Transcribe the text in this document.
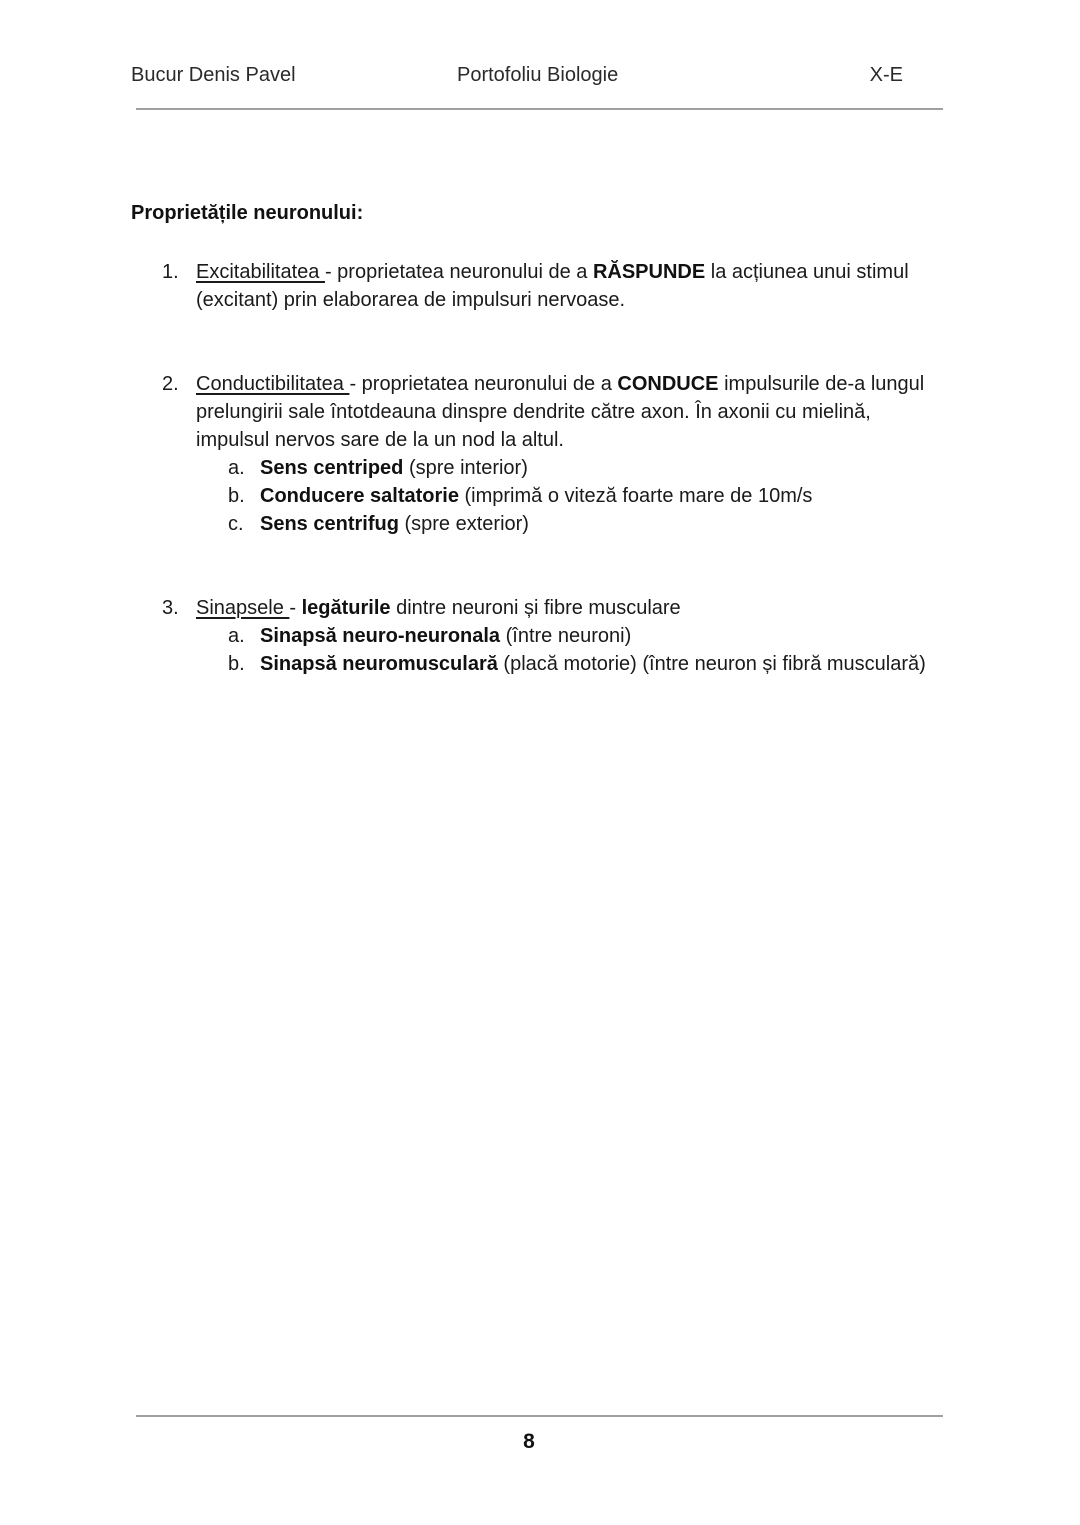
Bucur Denis Pavel	Portofoliu Biologie	X-E
Proprietățile neuronului:
1. Excitabilitatea - proprietatea neuronului de a RĂSPUNDE la acțiunea unui stimul (excitant) prin elaborarea de impulsuri nervoase.
2. Conductibilitatea - proprietatea neuronului de a CONDUCE impulsurile de-a lungul prelungirii sale întotdeauna dinspre dendrite către axon. În axonii cu mielină, impulsul nervos sare de la un nod la altul.
a. Sens centriped (spre interior)
b. Conducere saltatorie (imprimă o viteză foarte mare de 10m/s
c. Sens centrifug (spre exterior)
3. Sinapsele - legăturile dintre neuroni și fibre musculare
a. Sinapsă neuro-neuronala (între neuroni)
b. Sinapsă neuromusculară (placă motorie) (între neuron și fibră musculară)
8
